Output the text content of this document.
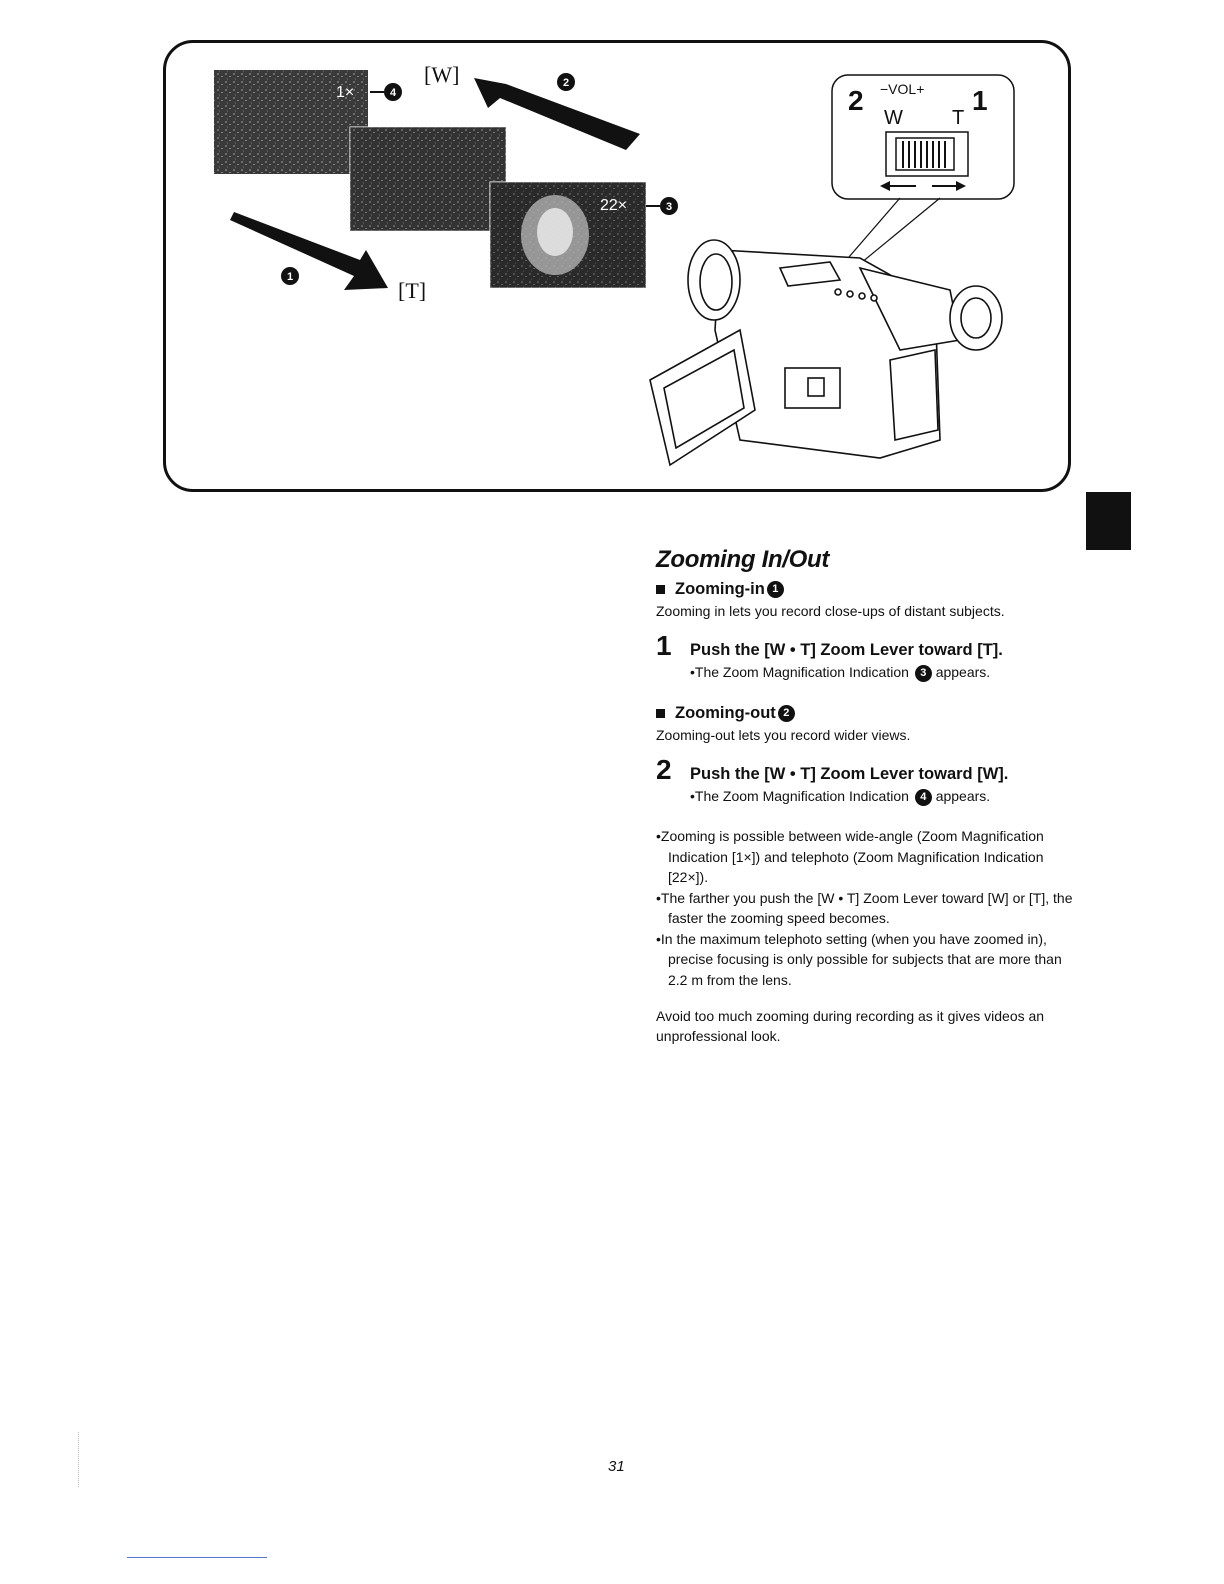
1×
22×
4
3
2
1
[W]
[T]
2	1
−VOL+
W T
Zooming In/Out
Zooming-in 1

Zooming in lets you record close-ups of distant subjects.

1	Push the [W • T] Zoom Lever toward [T].
•The Zoom Magnification Indication 3 appears.
Zooming-out 2

Zooming-out lets you record wider views.

2	Push the [W • T] Zoom Lever toward [W].
•The Zoom Magnification Indication 4 appears.
•Zooming is possible between wide-angle (Zoom Magnification Indication [1×]) and telephoto (Zoom Magnification Indication [22×]).
•The farther you push the [W • T] Zoom Lever toward [W] or [T], the faster the zooming speed becomes.
•In the maximum telephoto setting (when you have zoomed in), precise focusing is only possible for subjects that are more than 2.2 m from the lens.
Avoid too much zooming during recording as it gives videos an unprofessional look.
31
